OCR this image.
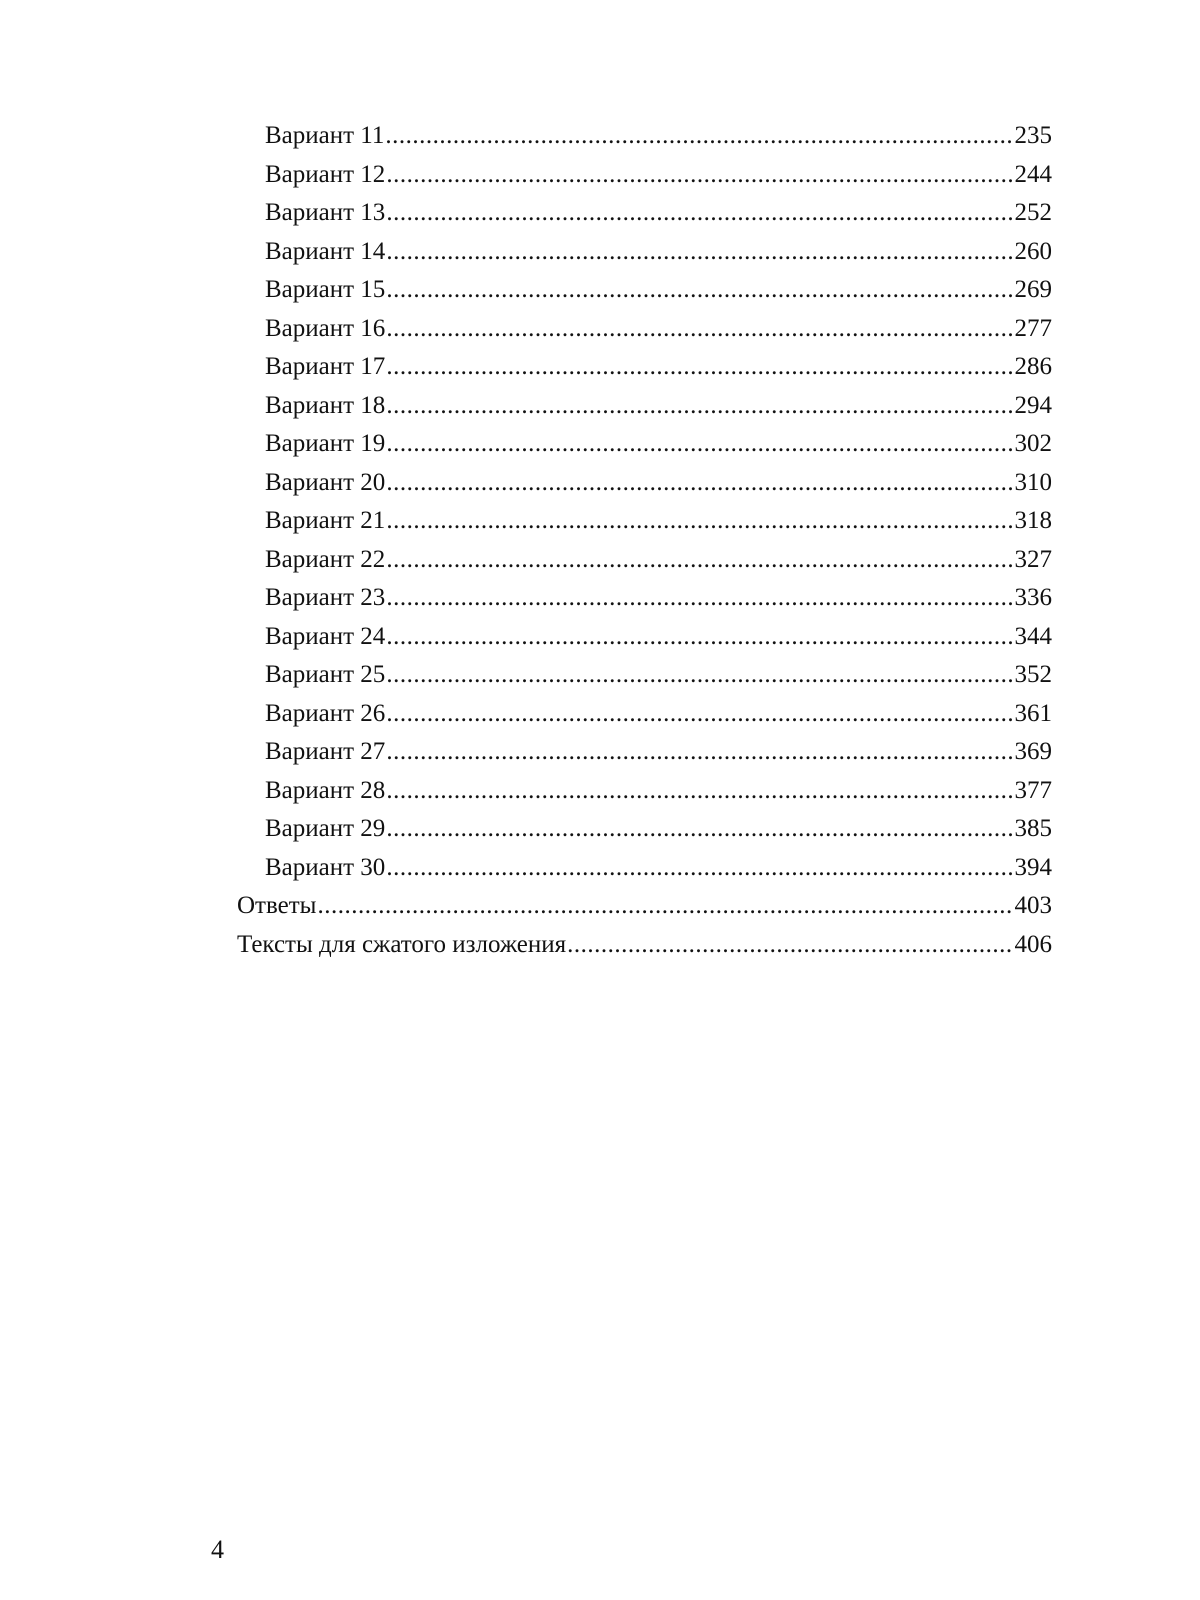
Вариант 11 .....	235
Вариант 12 .....	244
Вариант 13 .....	252
Вариант 14 .....	260
Вариант 15 .....	269
Вариант 16 .....	277
Вариант 17 .....	286
Вариант 18 .....	294
Вариант 19 .....	302
Вариант 20 .....	310
Вариант 21 .....	318
Вариант 22 .....	327
Вариант 23 .....	336
Вариант 24 .....	344
Вариант 25 .....	352
Вариант 26 .....	361
Вариант 27 .....	369
Вариант 28 .....	377
Вариант 29 .....	385
Вариант 30 .....	394
Ответы .....	403
Тексты для сжатого изложения .....	406
4
